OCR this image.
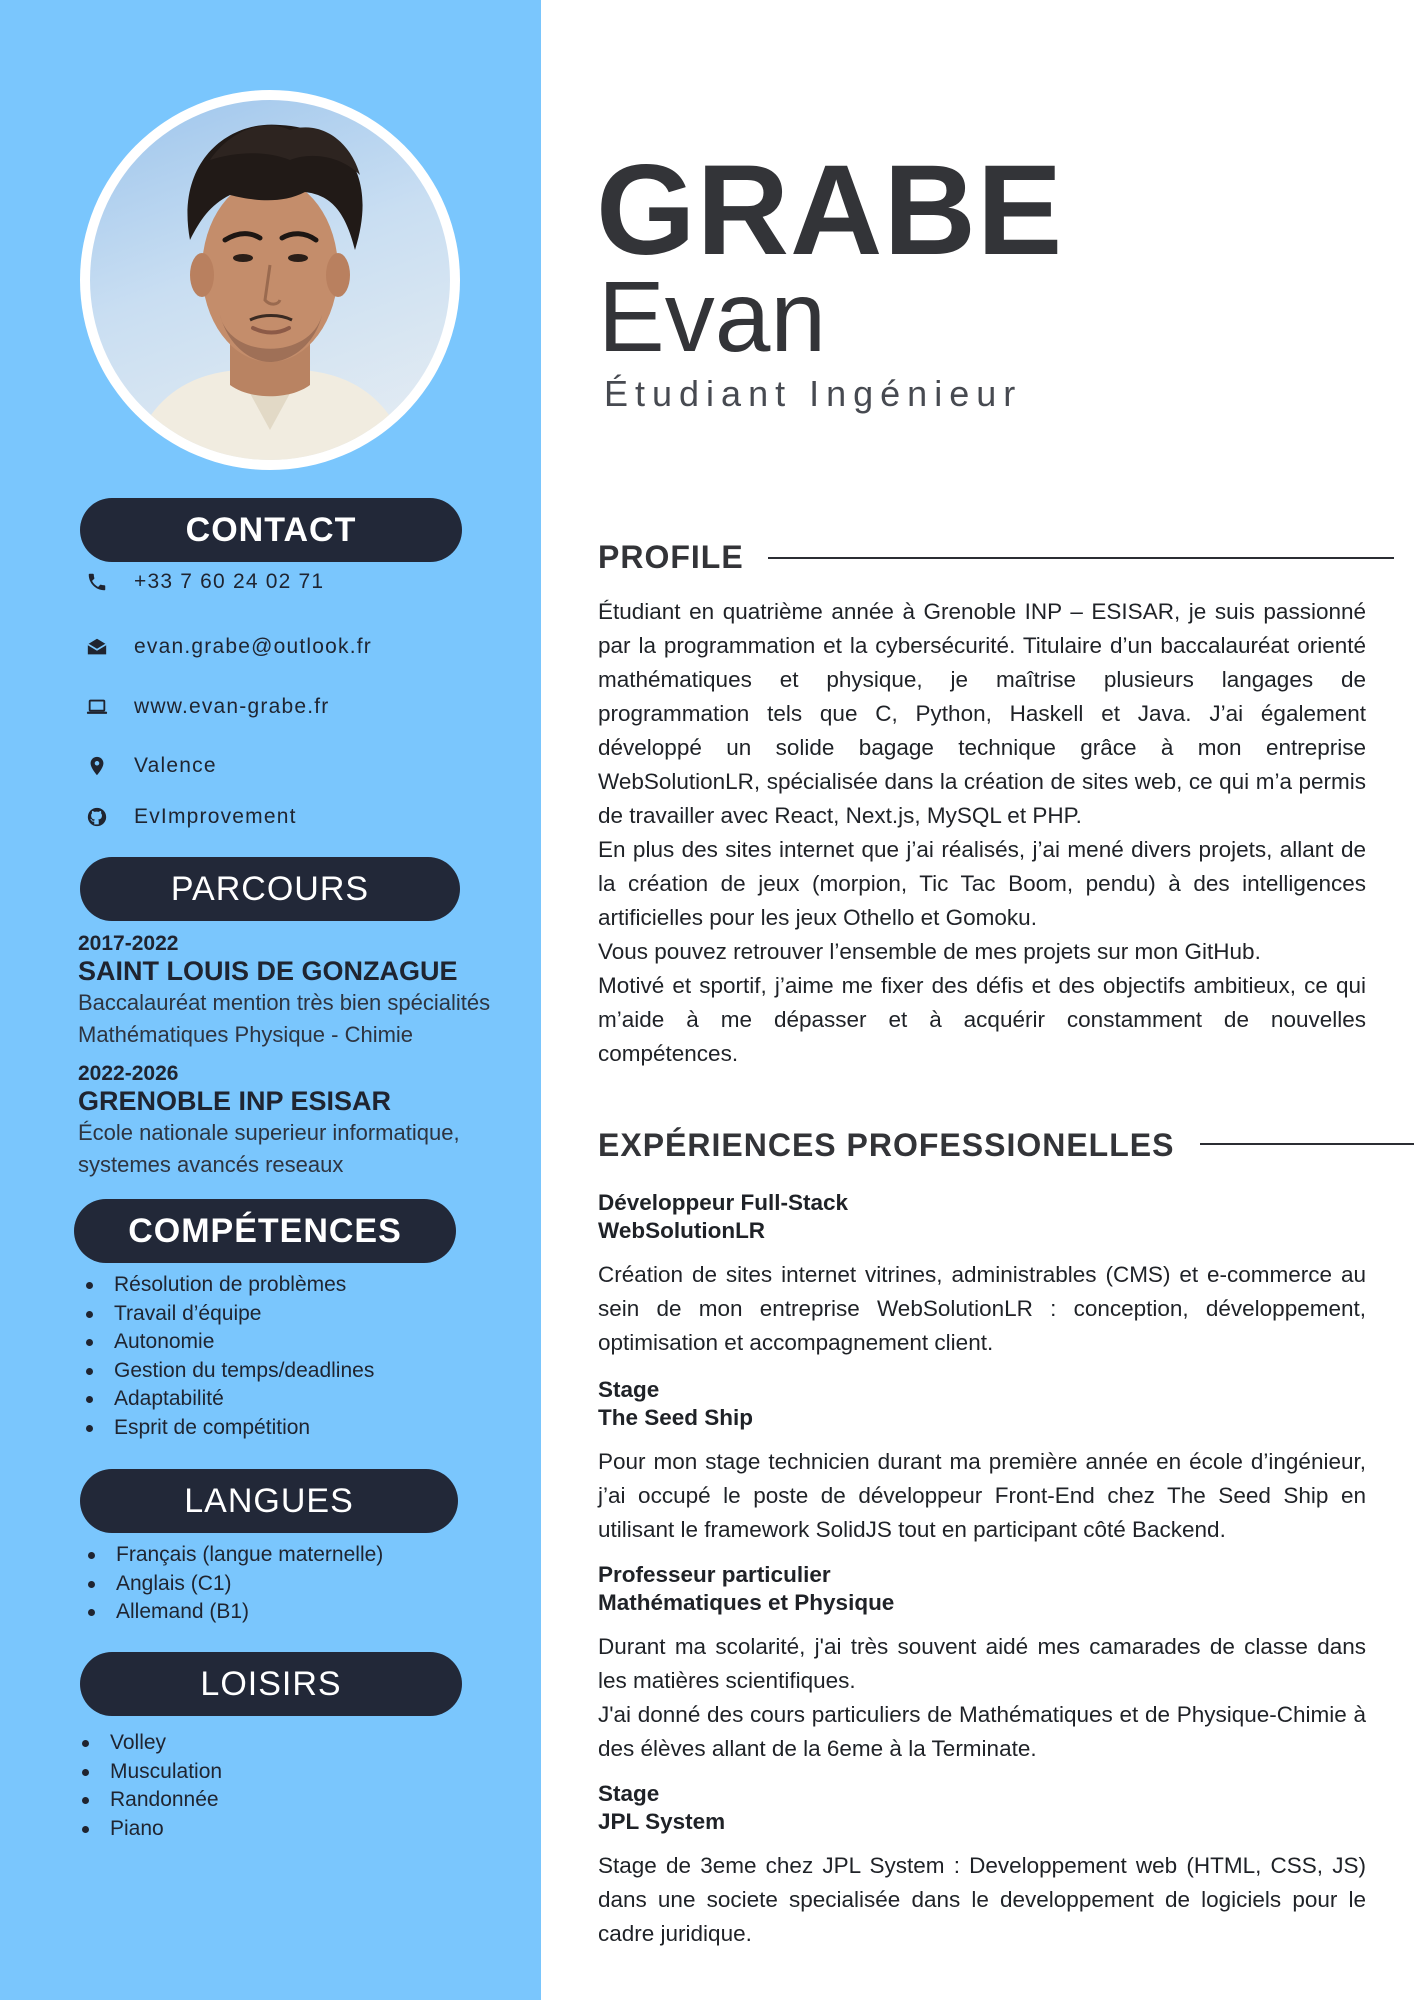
CONTACT
+33 7 60 24 02 71
evan.grabe@outlook.fr
www.evan-grabe.fr
Valence
EvImprovement
PARCOURS
2017-2022
SAINT LOUIS DE GONZAGUE
Baccalauréat mention très bien spécialités Mathématiques Physique - Chimie
2022-2026
GRENOBLE INP ESISAR
École nationale superieur informatique, systemes avancés reseaux
COMPÉTENCES
Résolution de problèmes
Travail d’équipe
Autonomie
Gestion du temps/deadlines
Adaptabilité
Esprit de compétition
LANGUES
Français (langue maternelle)
Anglais (C1)
Allemand (B1)
LOISIRS
Volley
Musculation
Randonnée
Piano
GRABE
Evan
Étudiant Ingénieur
PROFILE

Étudiant en quatrième année à Grenoble INP – ESISAR, je suis passionné par la programmation et la cybersécurité. Titulaire d’un baccalauréat orienté mathématiques et physique, je maîtrise plusieurs langages de programmation tels que C, Python, Haskell et Java. J’ai également développé un solide bagage technique grâce à mon entreprise WebSolutionLR, spécialisée dans la création de sites web, ce qui m’a permis de travailler avec React, Next.js, MySQL et PHP.

En plus des sites internet que j’ai réalisés, j’ai mené divers projets, allant de la création de jeux (morpion, Tic Tac Boom, pendu) à des intelligences artificielles pour les jeux Othello et Gomoku.

Vous pouvez retrouver l’ensemble de mes projets sur mon GitHub.

Motivé et sportif, j’aime me fixer des défis et des objectifs ambitieux, ce qui m’aide à me dépasser et à acquérir constamment de nouvelles compétences.

EXPÉRIENCES PROFESSIONELLES
Développeur Full-Stack
WebSolutionLR

Création de sites internet vitrines, administrables (CMS) et e-commerce au sein de mon entreprise WebSolutionLR : conception, développement, optimisation et accompagnement client.

Stage
The Seed Ship

Pour mon stage technicien durant ma première année en école d’ingénieur, j’ai occupé le poste de développeur Front-End chez The Seed Ship en utilisant le framework SolidJS tout en participant côté Backend.

Professeur particulier
Mathématiques et Physique

Durant ma scolarité, j'ai très souvent aidé mes camarades de classe dans les matières scientifiques.

J'ai donné des cours particuliers de Mathématiques et de Physique-Chimie à des élèves allant de la 6eme à la Terminate.

Stage
JPL System

Stage de 3eme chez JPL System : Developpement web (HTML, CSS, JS) dans une societe specialisée dans le developpement de logiciels pour le cadre juridique.
